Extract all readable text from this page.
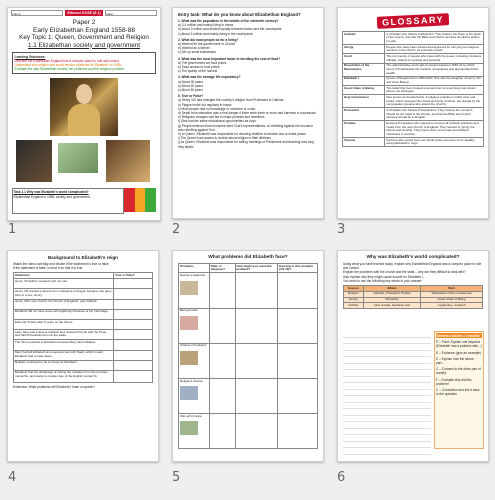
Name:	Edexcel GCSE (9-1)	Date:
Paper 2
Early Elizabethan England 1558-88
Key Topic 1: Queen, Government and Religion
1.1 Elizabethan society and government
Learning Outcomes:
Describe the Elizabethan England into a complex place to rule and control.
Understand why religion and social tension problems for Elizabeth I in 1558.
Evaluate the way Elizabethan society, her problems and the religious problem.
Task 1.1 Why was Elizabeth's world complicated?
Elizabethan England in 1558: society and government
1
Entry task: What do you know about Elizabethan England?
1. What was the population in the middle of the sixteenth century?
a) 3-4 million and mainly living in towns
b) About 3 million and divided equally between towns and the countryside
c) About 3 million and mainly living in the countryside
2. What did most people do for a living?
a) Worked for the government or Church
b) Worked as a farmer
c) Set up small businesses
3. What was the most important factor in deciding the cost of food?
a) The government set food prices
b) Easy access to food prices
c) The quality of the harvest
4. What was the average life expectancy?
a) About 30 years
b) About 40 years
c) About 50 years
5. True or False?
a) Henry VIII had changed the country's religion from Protestant to Catholic
b) Plague broke out regularly in towns
c) Most people had no knowledge of medicine or cures
d) Death from starvation was a real danger if there were three or more bad harvests in succession
e) Religious changes had led to major protests and rebellions
f) Girls had the same educational opportunities as boys
g) People believed that monarchs were God's representatives, so rebelling against the monarch was rebelling against God
h) In Queen, Elizabeth was responsible for deciding whether to declare war or make peace
i) The Queen had powers to decide about religion in their lifetimes
j) As Queen, Elizabeth was responsible for calling meetings of Parliament and deciding how long they lasted
2
GLOSSARY
Catholic	A Christian who follows Catholicism. They believe the Pope is the head of the church, and that the Bible and church services should be written in Latin.
Clergy	People who have been trained and approved for carrying out religious services in the church, for example priests.
Court	The community of people who travel with the queen, including ministers, officials, visitors to meeting and servants.
Dissolution of the Monasteries	The administrative and legal processes between 1536-41 by which Henry VIII disbanded the Catholic monasteries and appropriated their wealth.
Elizabeth I	Queen of England from 1558-1603. She was the daughter of Henry VIII and Anne Boleyn.
Great Chain of Being	The belief that God created a social order for everybody and shows where you belonged.
Holy Communion	Also known as the Eucharist. A religious practice in which wine and bread, which represent the blood and body of Christ, are shared by the congregation (people who attend the church).
Protestant	A Christian who follows Protestantism. They believe the monarch should be the head of the church, and that the Bible and church services should be in English.
Puritans	Extreme Protestants who wanted to remove all Catholic practices and rituals from the new Church of England. They wanted to 'purify' the church and worship. They had a strict moral code and disliked showiness in worship.
Tenants	Farmers who rented their own lands under someone more wealthy during Elizabeth's reign.
3
Background to Elizabeth's reign
Watch the video carefully and decide if the statement is true or false.
If the statement is false, correct it so that it is true.
Statement	True or false?
Henry VII (father) created myth net rule.	
Henry VIII wanted a divorce from Catherine of Aragon because she gave birth to a son, Henry.	
Henry VIII's new church, the Church of England, was Catholic.	
Elizabeth did not have issue with legitimacy because of her parentage.	
Edmund VI died after 6 years on the throne.	
Lady Jane was a devout Catholic and restored the link with the Pope, and had Protestants burnt at the stake.	
The throne passed to Elizabeth because Mary died childless.	
Mary had left Elizabeth an expensive war with Spain, which meant Elizabeth had to raise taxes.	
Religion continued to be an issue for Elizabeth.	
Elizabeth had the advantage of raising the mistakes from the previous monarchs, and started a Golden Age of the English monarchy.	
Extension: What problems will Elizabeth I have on queen?
4
What problems did Elizabeth face?
Problems	State or religious?	How might you solve the problem?	How big is this problem (1/5 10)?

Having a weak law			

Being female			

Chance of husband			

Religious division			

War with France			

5
Why was Elizabeth's world complicated?
Using what you have learned today, explain why Elizabethan England was a complex place to rule and control.
Explain the problems with the church and the state – why are they difficult to deal with?
Also explain why they might cause trouble for Elizabeth I.
You need to use the following key words in your answer:
Excess	Ethnic	Rich
Religion	Catholic, Protestant, Puritan	Dissolution of the monasteries
Gentry	Monarchy	Great Chain of Being
Nobility	Heir, female, husband, war	Legitimacy, monarch
Sentence starters / checklist
P – Point: Explain one keyword (Elizabeth had a problem with...)
E – Evidence (give an example)
E – Explain how the above part...
C – Connect to the other part of society
F – Evaluate why did this problem?
C – Conclusion and link it back to the question
6
